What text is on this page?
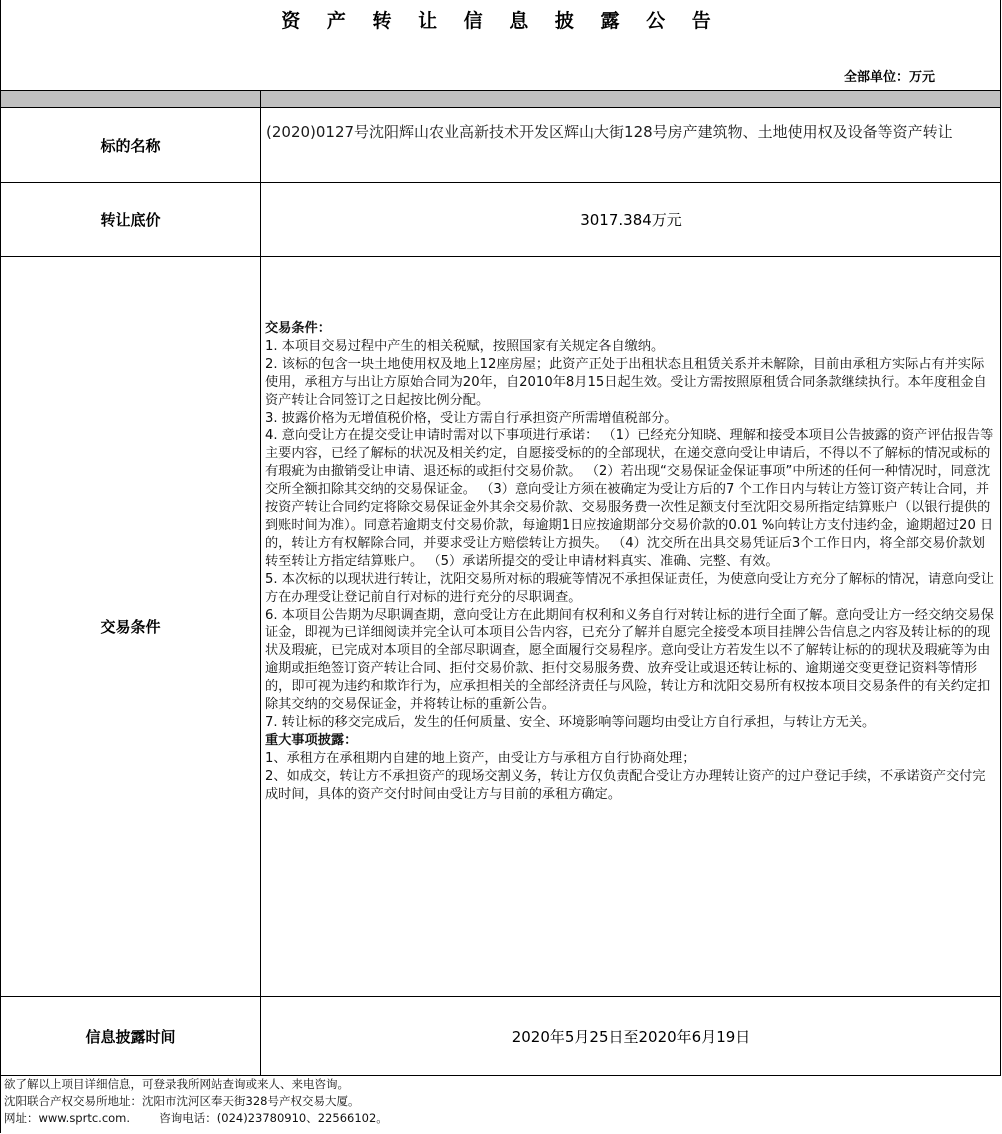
资 产 转 让 信 息 披 露 公 告
全部单位：万元
标的名称
(2020)0127号沈阳辉山农业高新技术开发区辉山大街128号房产建筑物、土地使用权及设备等资产转让
转让底价	3017.384万元
交易条件

交易条件：

1. 本项目交易过程中产生的相关税赋，按照国家有关规定各自缴纳。

2. 该标的包含一块土地使用权及地上12座房屋；此资产正处于出租状态且租赁关系并未解除，目前由承租方实际占有并实际使用，承租方与出让方原始合同为20年，自2010年8月15日起生效。受让方需按照原租赁合同条款继续执行。本年度租金自资产转让合同签订之日起按比例分配。

3. 披露价格为无增值税价格，受让方需自行承担资产所需增值税部分。

4. 意向受让方在提交受让申请时需对以下事项进行承诺： （1）已经充分知晓、理解和接受本项目公告披露的资产评估报告等主要内容，已经了解标的状况及相关约定，自愿接受标的的全部现状，在递交意向受让申请后，不得以不了解标的情况或标的有瑕疵为由撤销受让申请、退还标的或拒付交易价款。 （2）若出现“交易保证金保证事项”中所述的任何一种情况时，同意沈交所全额扣除其交纳的交易保证金。 （3）意向受让方须在被确定为受让方后的7 个工作日内与转让方签订资产转让合同，并按资产转让合同约定将除交易保证金外其余交易价款、交易服务费一次性足额支付至沈阳交易所指定结算账户（以银行提供的到账时间为准）。同意若逾期支付交易价款，每逾期1日应按逾期部分交易价款的0.01 %向转让方支付违约金，逾期超过20 日的，转让方有权解除合同，并要求受让方赔偿转让方损失。 （4）沈交所在出具交易凭证后3个工作日内，将全部交易价款划转至转让方指定结算账户。 （5）承诺所提交的受让申请材料真实、准确、完整、有效。

5. 本次标的以现状进行转让，沈阳交易所对标的瑕疵等情况不承担保证责任，为使意向受让方充分了解标的情况，请意向受让方在办理受让登记前自行对标的进行充分的尽职调查。

6. 本项目公告期为尽职调查期，意向受让方在此期间有权利和义务自行对转让标的进行全面了解。意向受让方一经交纳交易保证金，即视为已详细阅读并完全认可本项目公告内容，已充分了解并自愿完全接受本项目挂牌公告信息之内容及转让标的的现状及瑕疵，已完成对本项目的全部尽职调查，愿全面履行交易程序。意向受让方若发生以不了解转让标的的现状及瑕疵等为由逾期或拒绝签订资产转让合同、拒付交易价款、拒付交易服务费、放弃受让或退还转让标的、逾期递交变更登记资料等情形的，即可视为违约和欺诈行为，应承担相关的全部经济责任与风险，转让方和沈阳交易所有权按本项目交易条件的有关约定扣除其交纳的交易保证金，并将转让标的重新公告。

7. 转让标的移交完成后，发生的任何质量、安全、环境影响等问题均由受让方自行承担，与转让方无关。

重大事项披露：

1、承租方在承租期内自建的地上资产，由受让方与承租方自行协商处理；

2、如成交，转让方不承担资产的现场交割义务，转让方仅负责配合受让方办理转让资产的过户登记手续，不承诺资产交付完成时间，具体的资产交付时间由受让方与目前的承租方确定。

信息披露时间	2020年5月25日至2020年6月19日

欲了解以上项目详细信息，可登录我所网站查询或来人、来电咨询。

沈阳联合产权交易所地址：沈阳市沈河区奉天街328号产权交易大厦。

网址：www.sprtc.com.        咨询电话：(024)23780910、22566102。
